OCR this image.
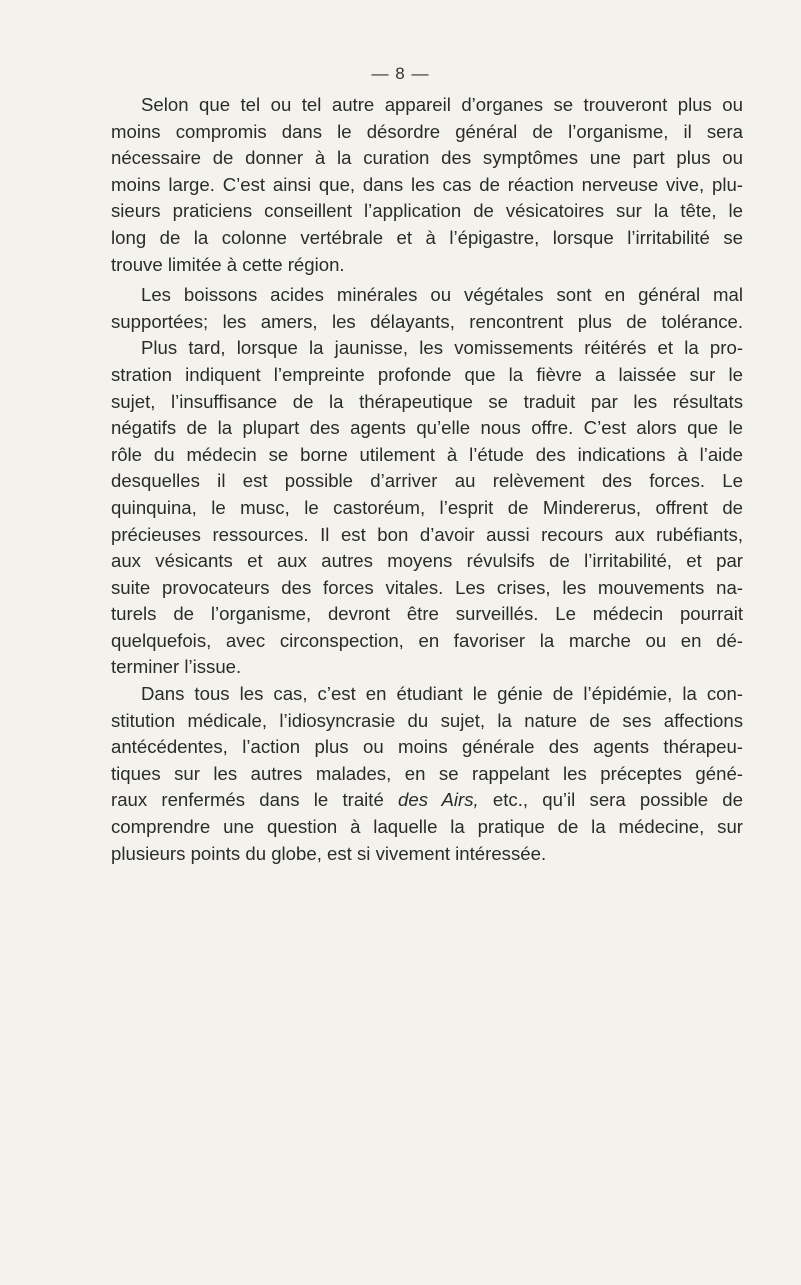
— 8 —
Selon que tel ou tel autre appareil d’organes se trouveront plus ou
moins compromis dans le désordre général de l’organisme, il sera
nécessaire de donner à la curation des symptômes une part plus ou
moins large. C’est ainsi que, dans les cas de réaction nerveuse vive, plu-
sieurs praticiens conseillent l’application de vésicatoires sur la tête, le
long de la colonne vertébrale et à l’épigastre, lorsque l’irritabilité se
trouve limitée à cette région.
Les boissons acides minérales ou végétales sont en général mal
supportées; les amers, les délayants, rencontrent plus de tolérance.
Plus tard, lorsque la jaunisse, les vomissements réitérés et la pro-
stration indiquent l’empreinte profonde que la fièvre a laissée sur le
sujet, l’insuffisance de la thérapeutique se traduit par les résultats
négatifs de la plupart des agents qu’elle nous offre. C’est alors que le
rôle du médecin se borne utilement à l’étude des indications à l’aide
desquelles il est possible d’arriver au relèvement des forces. Le
quinquina, le musc, le castoréum, l’esprit de Mindererus, offrent de
précieuses ressources. Il est bon d’avoir aussi recours aux rubéfiants,
aux vésicants et aux autres moyens révulsifs de l’irritabilité, et par
suite provocateurs des forces vitales. Les crises, les mouvements na-
turels de l’organisme, devront être surveillés. Le médecin pourrait
quelquefois, avec circonspection, en favoriser la marche ou en dé-
terminer l’issue.
Dans tous les cas, c’est en étudiant le génie de l’épidémie, la con-
stitution médicale, l’idiosyncrasie du sujet, la nature de ses affections
antécédentes, l’action plus ou moins générale des agents thérapeu-
tiques sur les autres malades, en se rappelant les préceptes géné-
raux renfermés dans le traité des Airs, etc., qu’il sera possible de
comprendre une question à laquelle la pratique de la médecine, sur
plusieurs points du globe, est si vivement intéressée.
